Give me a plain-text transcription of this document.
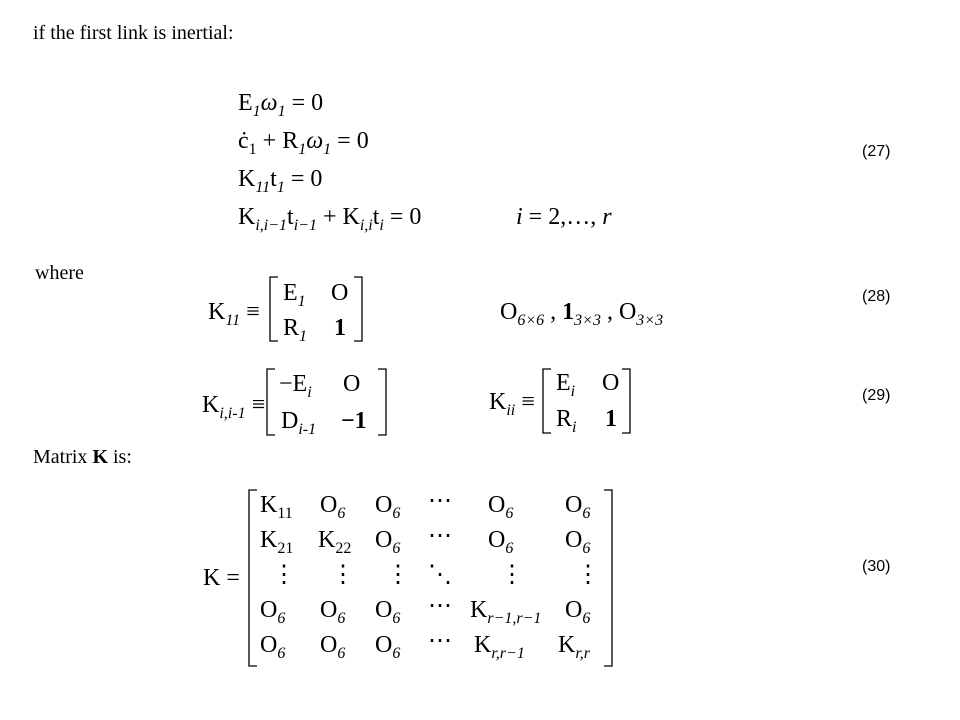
if the first link is inertial:
where
Matrix K is:
(27)
(28)
(29)
(30)
$E_1\omega_1 = 0$
$ċ_1 + R_1\omega_1 = 0$
$K_{11}t_1 = 0$
$K_{i,i-1}t_{i-1} + K_{i,i}t_i = 0$	i = 2,…, r
$K_{11}$ ≡
$E_1$ O
$R_1$ 1
$O_{6\times 6}$ , $1_{3\times 3}$ , $O_{3\times 3}$
$K_{i,i-1}$ ≡
$-E_i$ O
$D_{i-1} -1$
$K_{ii}$ ≡
$E_i$ O
$R_i$ 1
K =
$K_{11}$ $O_6$ $O_6$ ⋯ $O_6$ $O_6$
$K_{21}$ $K_{22}$ $O_6$ ⋯ $O_6$ $O_6$
⋮ ⋮ ⋮ ⋱ ⋮ ⋮
$O_6$ $O_6$ $O_6$ ⋯ $K_{r-1,r-1}$ $O_6$
$O_6$ $O_6$ $O_6$ ⋯ $K_{r,r-1}$ $K_{r,r}$
